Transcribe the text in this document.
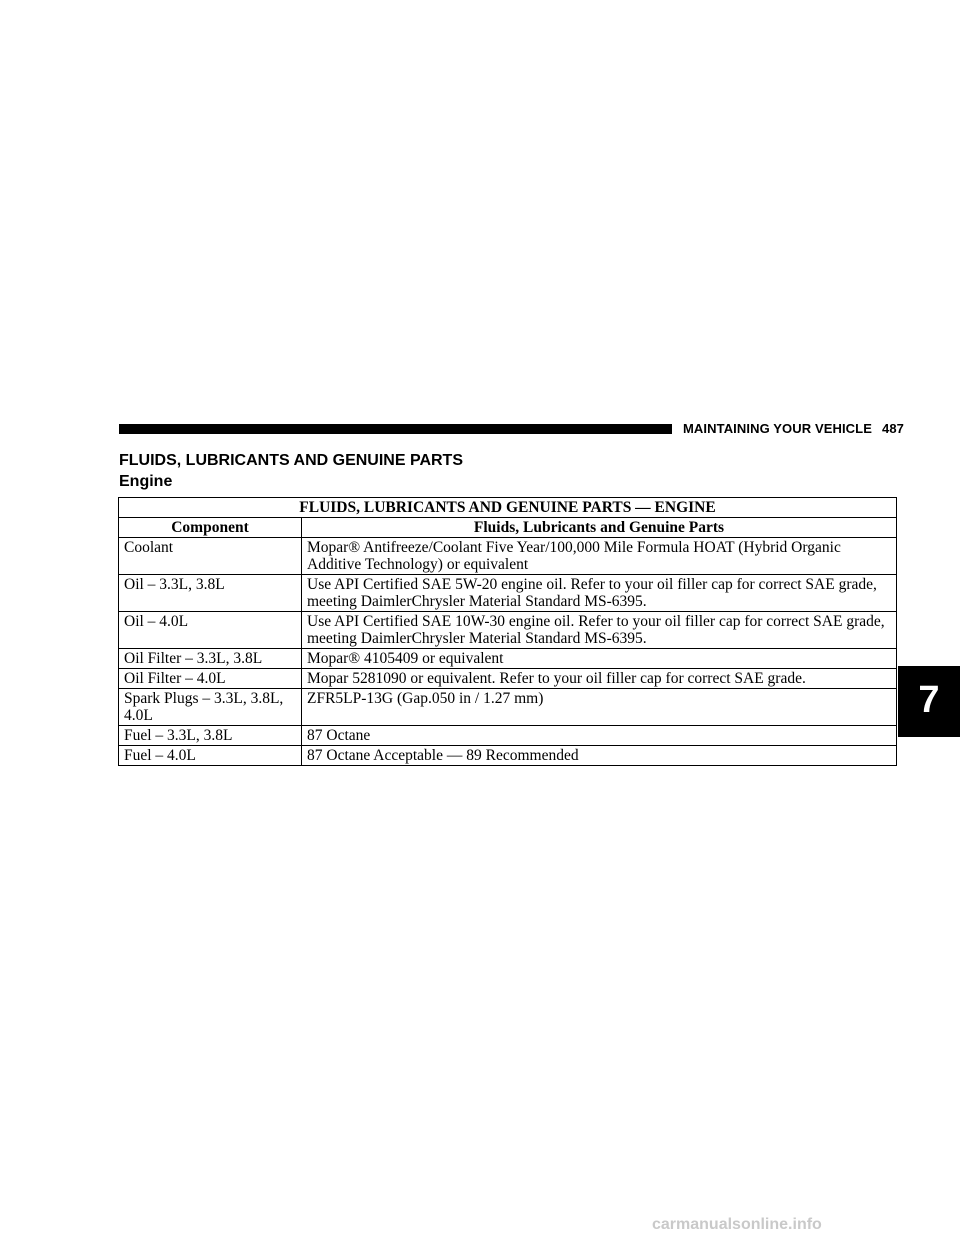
MAINTAINING YOUR VEHICLE 487
FLUIDS, LUBRICANTS AND GENUINE PARTS
Engine
FLUIDS, LUBRICANTS AND GENUINE PARTS — ENGINE	
Component	Fluids, Lubricants and Genuine Parts
Coolant	Mopar® Antifreeze/Coolant Five Year/100,000 Mile Formula HOAT (Hybrid Organic Additive Technology) or equivalent
Oil – 3.3L, 3.8L	Use API Certified SAE 5W-20 engine oil. Refer to your oil filler cap for correct SAE grade, meeting DaimlerChrysler Material Standard MS-6395.
Oil – 4.0L	Use API Certified SAE 10W-30 engine oil. Refer to your oil filler cap for correct SAE grade, meeting DaimlerChrysler Material Standard MS-6395.
Oil Filter – 3.3L, 3.8L	Mopar® 4105409 or equivalent
Oil Filter – 4.0L	Mopar 5281090 or equivalent. Refer to your oil filler cap for correct SAE grade.
Spark Plugs – 3.3L, 3.8L, 4.0L	ZFR5LP-13G (Gap.050 in / 1.27 mm)
Fuel – 3.3L, 3.8L	87 Octane
Fuel – 4.0L	87 Octane Acceptable — 89 Recommended
7
carmanualsonline.info
